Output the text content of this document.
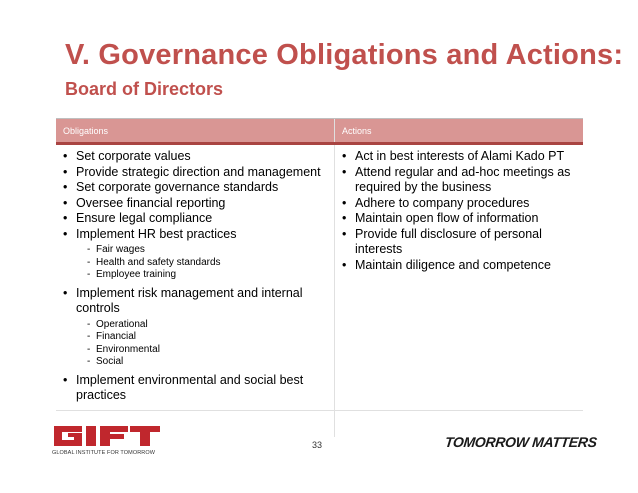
V. Governance Obligations and Actions:
Board of Directors
Obligations	Actions
• Set corporate values
• Provide strategic direction and management
• Set corporate governance standards
• Oversee financial reporting
• Ensure legal compliance
• Implement HR best practices
- Fair wages
- Health and safety standards
- Employee training
• Implement risk management and internal controls
- Operational
- Financial
- Environmental
- Social
• Implement environmental and social best practices
• Act in best interests of Alami Kado PT
• Attend regular and ad-hoc meetings as required by the business
• Adhere to company procedures
• Maintain open flow of information
• Provide full disclosure of personal interests
• Maintain diligence and competence
GLOBAL INSTITUTE FOR TOMORROW
33	TOMORROW MATTERS
